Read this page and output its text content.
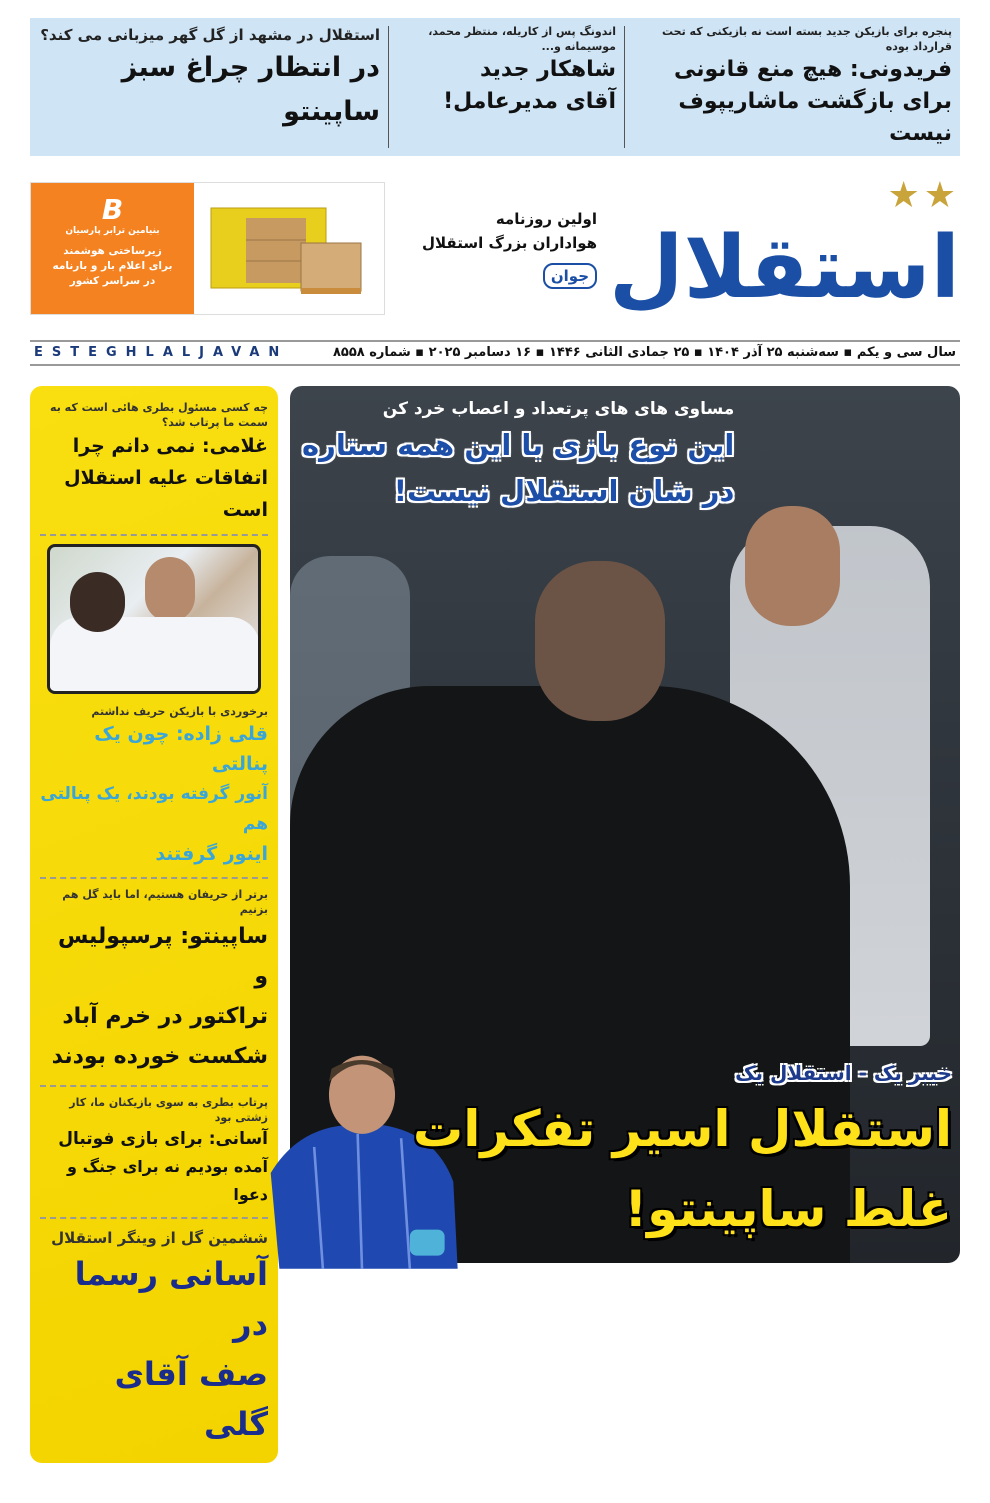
پنجره برای بازیکن جدید بسته است نه بازیکنی که تحت قرارداد بوده
فریدونی: هیچ منع قانونی
برای بازگشت ماشاریپوف نیست
اندونگ پس از کاریله، منتظر محمد، موسیمانه و...
شاهکار جدید
آقای مدیرعامل!
استقلال در مشهد از گل گهر میزبانی می کند؟
در انتظار چراغ سبز ساپینتو
★★
استقلال
اولین روزنامه
هواداران بزرگ استقلال
جوان
B
بنیامین ترابر پارسیان
زیرساختی هوشمند
برای اعلام بار و بارنامه
در سراسر کشور
سال سی و یکم ▪ سه‌شنبه ۲۵ آذر ۱۴۰۴ ▪ ۲۵ جمادی الثانی ۱۴۴۶ ▪ ۱۶ دسامبر ۲۰۲۵ ▪ شماره ۸۵۵۸
ESTEGHLALJAVAN
مساوی های های پرتعداد و اعصاب خرد کن
این نوع بازی با این همه ستاره
در شان استقلال نیست!
خیبر یک - استقلال یک
استقلال اسیر تفکرات
غلط ساپینتو!
چه کسی مسئول بطری هائی است که به سمت ما پرتاب شد؟
غلامی: نمی دانم چرا
اتفاقات علیه استقلال است
برخوردی با بازیکن حریف نداشتم
قلی زاده: چون یک پنالتی
آنور گرفته بودند، یک پنالتی هم
اینور گرفتند
برتر از حریفان هستیم، اما باید گل هم بزنیم
ساپینتو: پرسپولیس و
تراکتور در خرم آباد
شکست خورده بودند
پرتاب بطری به سوی بازیکنان ما، کار زشتی بود
آسانی: برای بازی فوتبال
آمده بودیم نه برای جنگ و دعوا
ششمین گل از وینگر استقلال
آسانی رسما در
صف آقای گلی
